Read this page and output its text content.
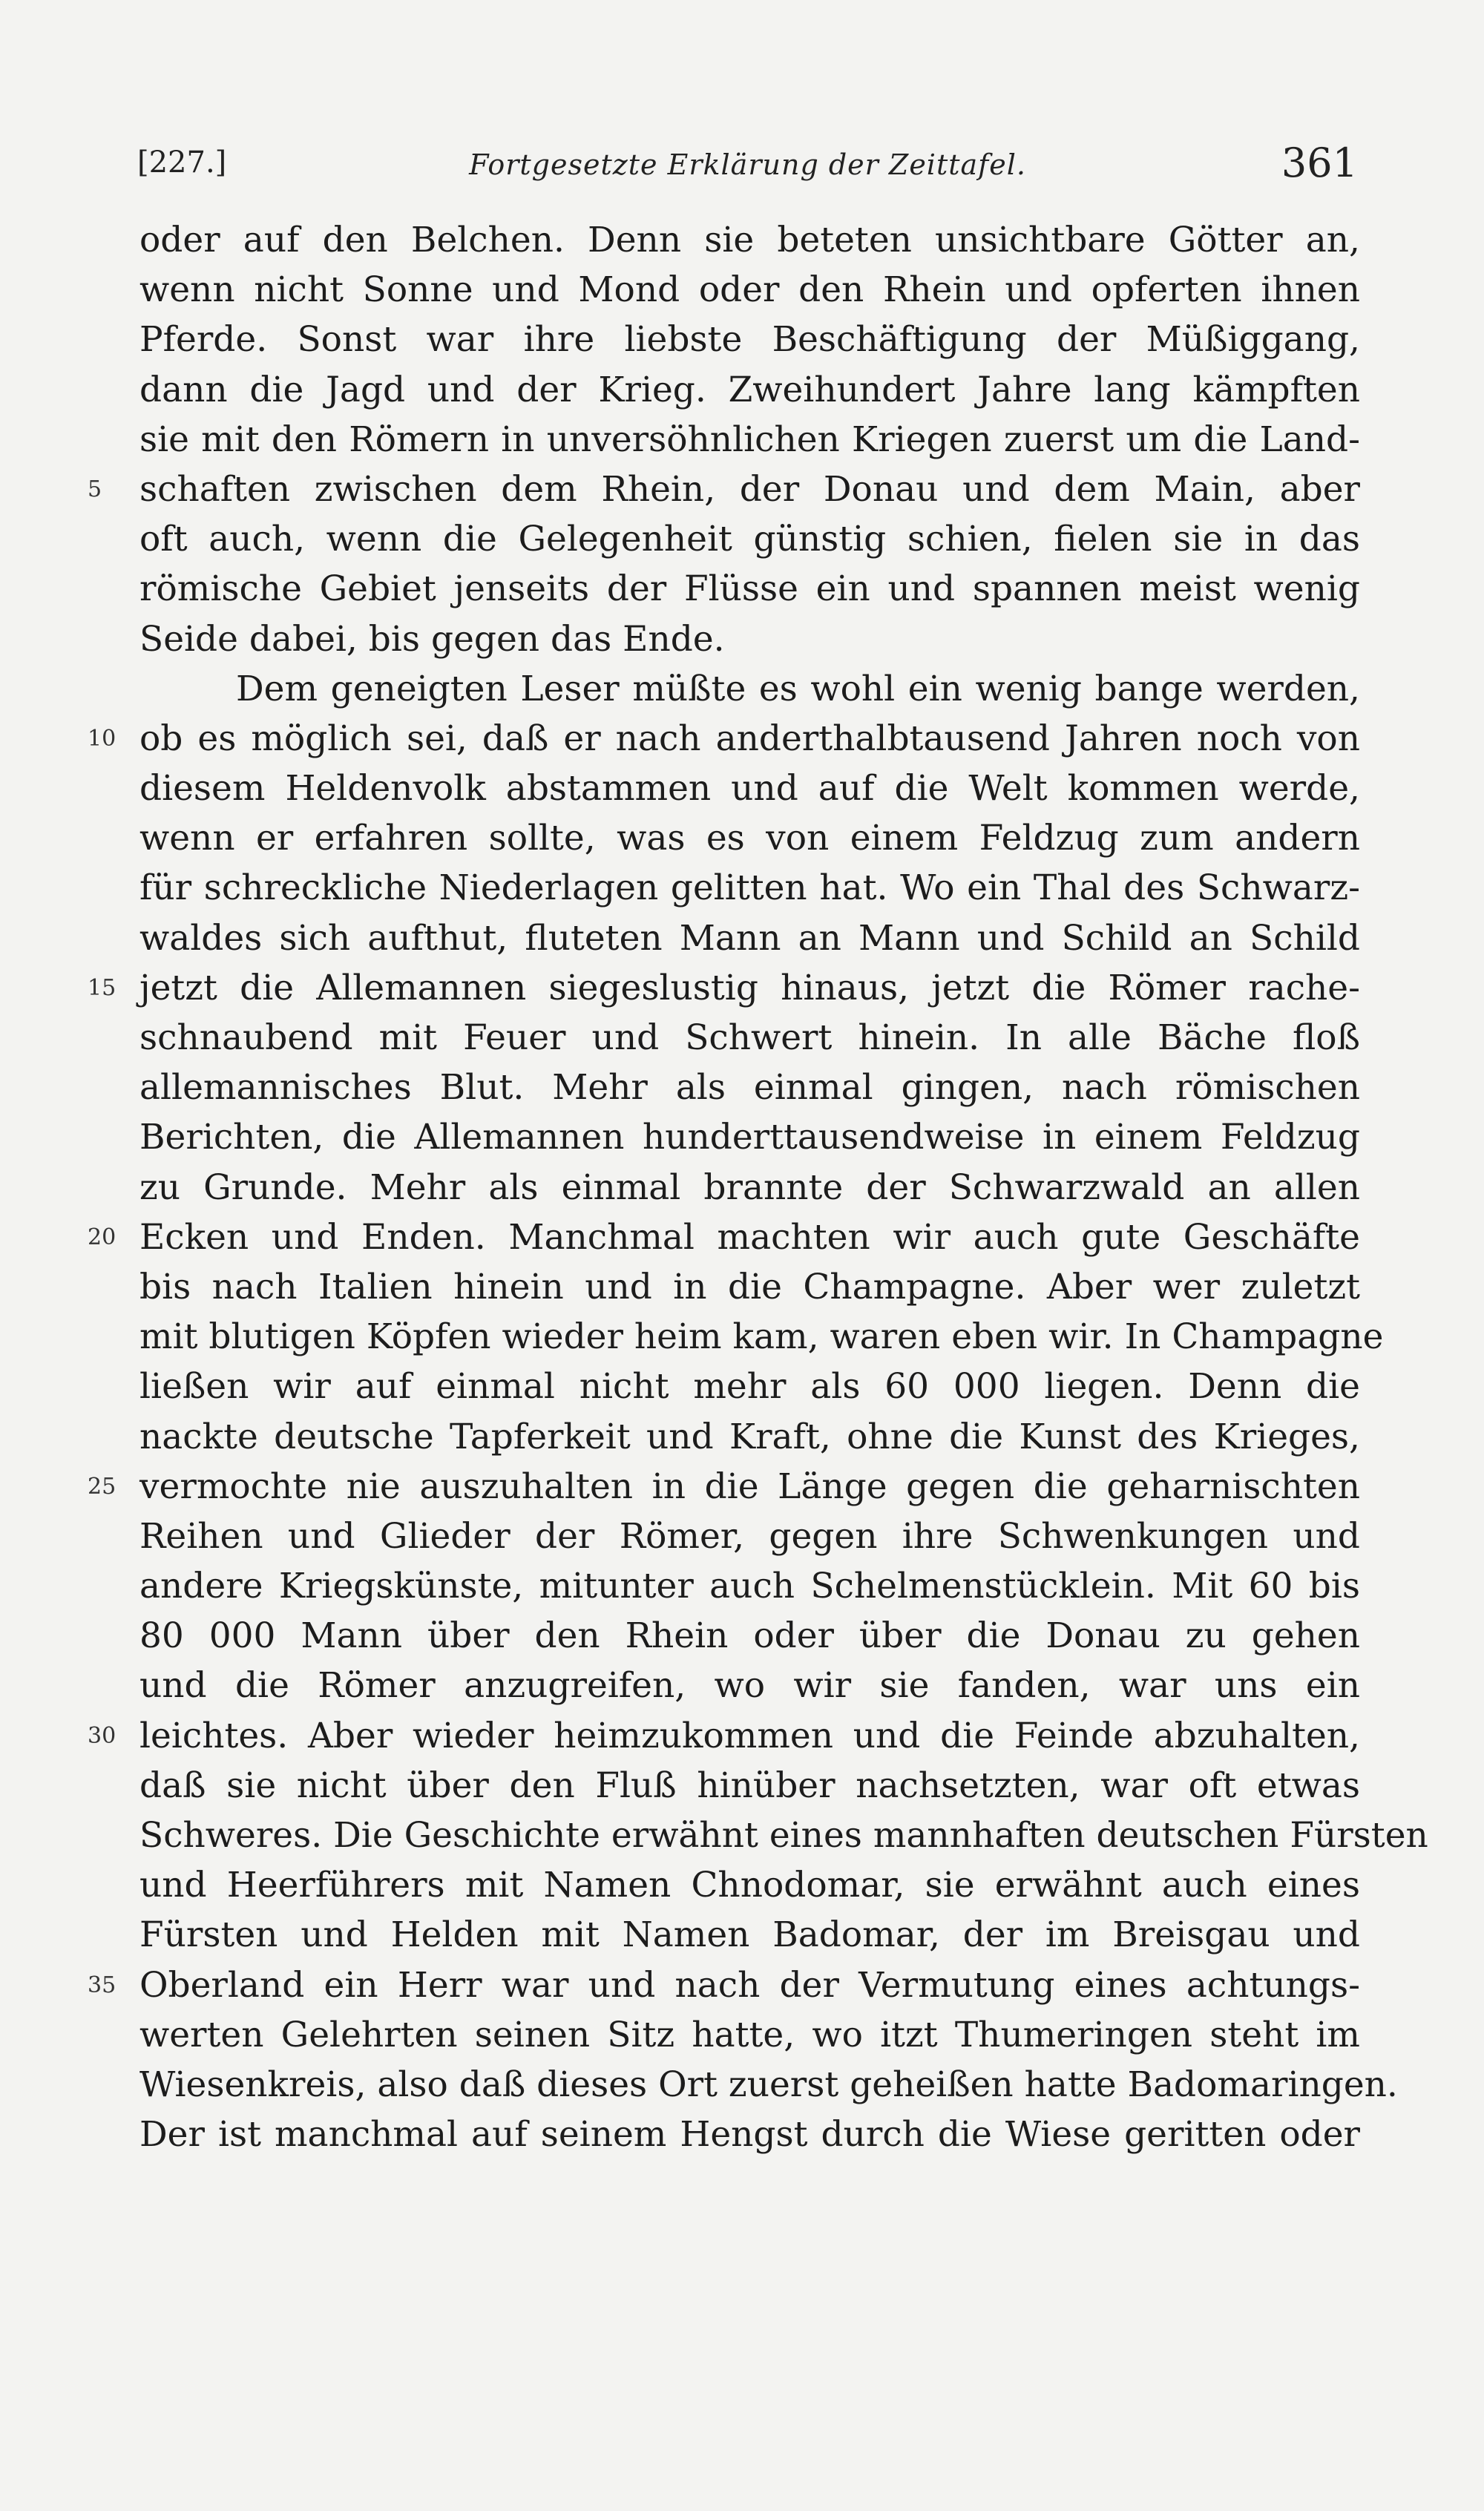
[227.]	Fortgesetzte Erklärung der Zeittafel.	361
5
10
15
20
25
30
35
oder auf den Belchen. Denn sie beteten unsichtbare Götter an,
wenn nicht Sonne und Mond oder den Rhein und opferten ihnen
Pferde. Sonst war ihre liebste Beschäftigung der Müßiggang,
dann die Jagd und der Krieg. Zweihundert Jahre lang kämpften
sie mit den Römern in unversöhnlichen Kriegen zuerst um die Land-
schaften zwischen dem Rhein, der Donau und dem Main, aber
oft auch, wenn die Gelegenheit günstig schien, fielen sie in das
römische Gebiet jenseits der Flüsse ein und spannen meist wenig
Seide dabei, bis gegen das Ende.
Dem geneigten Leser müßte es wohl ein wenig bange werden,
ob es möglich sei, daß er nach anderthalbtausend Jahren noch von
diesem Heldenvolk abstammen und auf die Welt kommen werde,
wenn er erfahren sollte, was es von einem Feldzug zum andern
für schreckliche Niederlagen gelitten hat. Wo ein Thal des Schwarz-
waldes sich aufthut, fluteten Mann an Mann und Schild an Schild
jetzt die Allemannen siegeslustig hinaus, jetzt die Römer rache-
schnaubend mit Feuer und Schwert hinein. In alle Bäche floß
allemannisches Blut. Mehr als einmal gingen, nach römischen
Berichten, die Allemannen hunderttausendweise in einem Feldzug
zu Grunde. Mehr als einmal brannte der Schwarzwald an allen
Ecken und Enden. Manchmal machten wir auch gute Geschäfte
bis nach Italien hinein und in die Champagne. Aber wer zuletzt
mit blutigen Köpfen wieder heim kam, waren eben wir. In Champagne
ließen wir auf einmal nicht mehr als 60 000 liegen. Denn die
nackte deutsche Tapferkeit und Kraft, ohne die Kunst des Krieges,
vermochte nie auszuhalten in die Länge gegen die geharnischten
Reihen und Glieder der Römer, gegen ihre Schwenkungen und
andere Kriegskünste, mitunter auch Schelmenstücklein. Mit 60 bis
80 000 Mann über den Rhein oder über die Donau zu gehen
und die Römer anzugreifen, wo wir sie fanden, war uns ein
leichtes. Aber wieder heimzukommen und die Feinde abzuhalten,
daß sie nicht über den Fluß hinüber nachsetzten, war oft etwas
Schweres. Die Geschichte erwähnt eines mannhaften deutschen Fürsten
und Heerführers mit Namen Chnodomar, sie erwähnt auch eines
Fürsten und Helden mit Namen Badomar, der im Breisgau und
Oberland ein Herr war und nach der Vermutung eines achtungs-
werten Gelehrten seinen Sitz hatte, wo itzt Thumeringen steht im
Wiesenkreis, also daß dieses Ort zuerst geheißen hatte Badomaringen.
Der ist manchmal auf seinem Hengst durch die Wiese geritten oder
